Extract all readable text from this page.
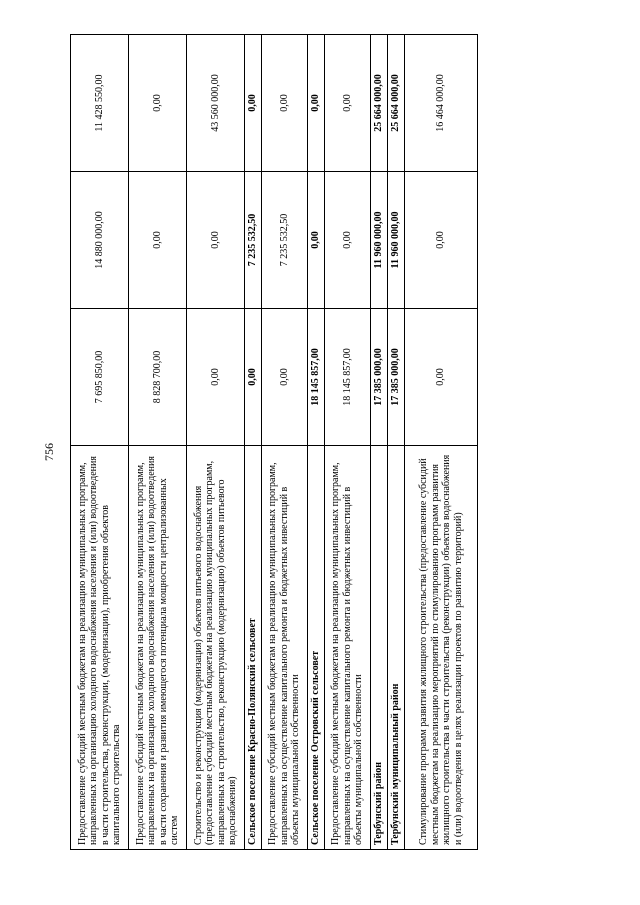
756
Предоставление субсидий местным бюджетам на реализацию муниципальных программ, направленных на организацию холодного водоснабжения населения и (или) водоотведения в части строительства, реконструкции, (модернизации), приобретения объектов капитального строительства	7 695 850,00	14 880 000,00	11 428 550,00
Предоставление субсидий местным бюджетам на реализацию муниципальных программ, направленных на организацию холодного водоснабжения населения и (или) водоотведения в части сохранения и развития имеющегося потенциала мощности централизованных систем	8 828 700,00	0,00	0,00
Строительство и реконструкция (модернизация) объектов питьевого водоснабжения (предоставление субсидий местным бюджетам на реализацию муниципальных программ, направленных на строительство, реконструкцию (модернизацию) объектов питьевого водоснабжения)	0,00	0,00	43 560 000,00
Сельское поселение Красно-Полянский сельсовет	0,00	7 235 532,50	0,00
Предоставление субсидий местным бюджетам на реализацию муниципальных программ, направленных на осуществление капитального ремонта и бюджетных инвестиций в объекты муниципальной собственности	0,00	7 235 532,50	0,00
Сельское поселение Островский сельсовет	18 145 857,00	0,00	0,00
Предоставление субсидий местным бюджетам на реализацию муниципальных программ, направленных на осуществление капитального ремонта и бюджетных инвестиций в объекты муниципальной собственности	18 145 857,00	0,00	0,00
Тербунский район	17 385 000,00	11 960 000,00	25 664 000,00
Тербунский муниципальный район	17 385 000,00	11 960 000,00	25 664 000,00
Стимулирование программ развития жилищного строительства (предоставление субсидий местным бюджетам на реализацию мероприятий по стимулированию программ развития жилищного строительства в части строительства (реконструкции) объектов водоснабжения и (или) водоотведения в целях реализации проектов по развитию территорий)	0,00	0,00	16 464 000,00
